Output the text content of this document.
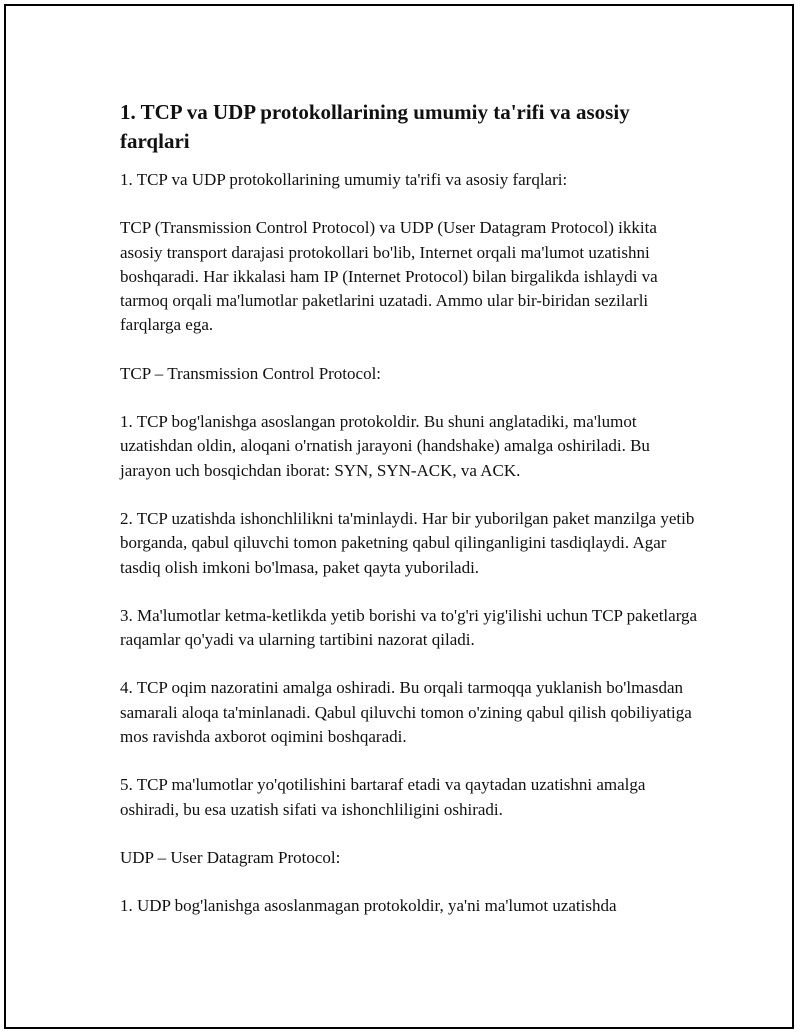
1. TCP va UDP protokollarining umumiy ta'rifi va asosiy farqlari

1. TCP va UDP protokollarining umumiy ta'rifi va asosiy farqlari:

TCP (Transmission Control Protocol) va UDP (User Datagram Protocol) ikkita asosiy transport darajasi protokollari bo'lib, Internet orqali ma'lumot uzatishni boshqaradi. Har ikkalasi ham IP (Internet Protocol) bilan birgalikda ishlaydi va tarmoq orqali ma'lumotlar paketlarini uzatadi. Ammo ular bir-biridan sezilarli farqlarga ega.

TCP – Transmission Control Protocol:

1. TCP bog'lanishga asoslangan protokoldir. Bu shuni anglatadiki, ma'lumot uzatishdan oldin, aloqani o'rnatish jarayoni (handshake) amalga oshiriladi. Bu jarayon uch bosqichdan iborat: SYN, SYN-ACK, va ACK.

2. TCP uzatishda ishonchlilikni ta'minlaydi. Har bir yuborilgan paket manzilga yetib borganda, qabul qiluvchi tomon paketning qabul qilinganligini tasdiqlaydi. Agar tasdiq olish imkoni bo'lmasa, paket qayta yuboriladi.

3. Ma'lumotlar ketma-ketlikda yetib borishi va to'g'ri yig'ilishi uchun TCP paketlarga raqamlar qo'yadi va ularning tartibini nazorat qiladi.

4. TCP oqim nazoratini amalga oshiradi. Bu orqali tarmoqqa yuklanish bo'lmasdan samarali aloqa ta'minlanadi. Qabul qiluvchi tomon o'zining qabul qilish qobiliyatiga mos ravishda axborot oqimini boshqaradi.

5. TCP ma'lumotlar yo'qotilishini bartaraf etadi va qaytadan uzatishni amalga oshiradi, bu esa uzatish sifati va ishonchliligini oshiradi.

UDP – User Datagram Protocol:

1. UDP bog'lanishga asoslanmagan protokoldir, ya'ni ma'lumot uzatishda
